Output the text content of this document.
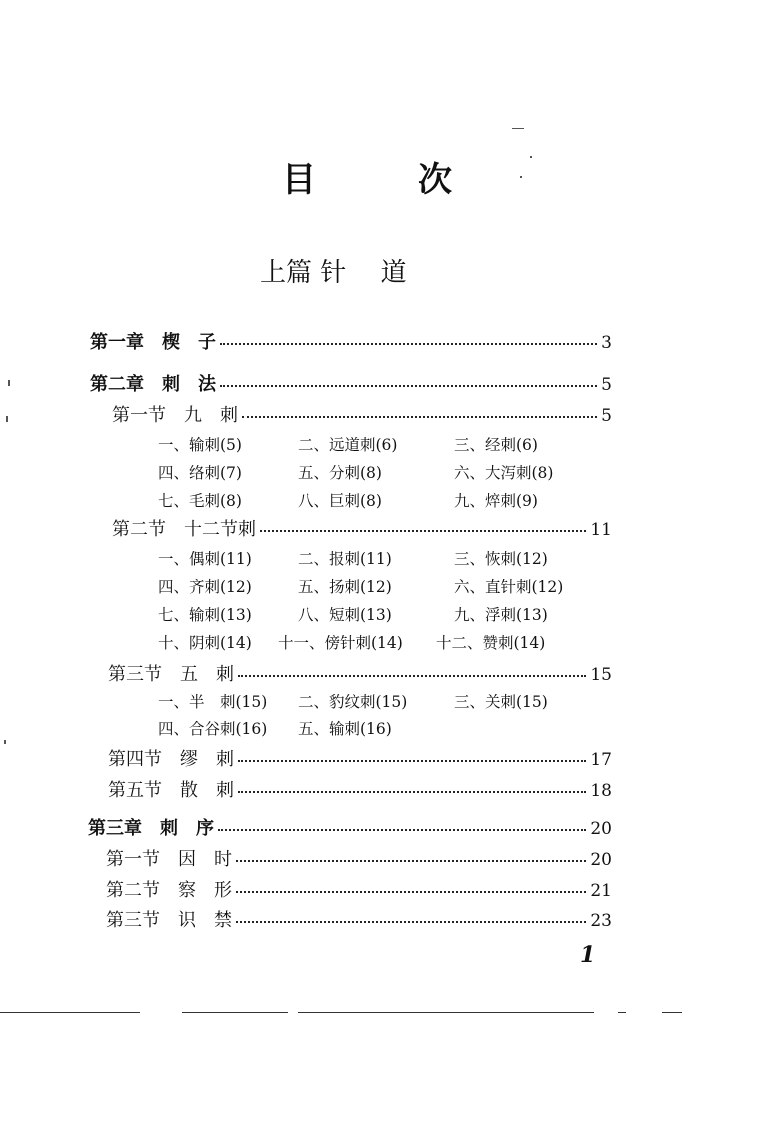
目　　　次
上篇 针　 道
第一章　楔　子	3
第二章　刺　法	5
第一节　九　刺	5
一、输刺(5)	二、远道刺(6)	三、经刺(6)
四、络刺(7)	五、分刺(8)	六、大泻刺(8)
七、毛刺(8)	八、巨刺(8)	九、焠刺(9)
第二节　十二节刺	11
一、偶刺(11)	二、报刺(11)	三、恢刺(12)
四、齐刺(12)	五、扬刺(12)	六、直针刺(12)
七、输刺(13)	八、短刺(13)	九、浮刺(13)
十、阴刺(14) 十一、傍针刺(14) 十二、赞刺(14)
第三节　五　刺	15
一、半　刺(15) 二、豹纹刺(15)	三、关刺(15)
四、合谷刺(16) 五、输刺(16)
第四节　缪　刺	17
第五节　散　刺	18
第三章　刺　序	20
第一节　因　时	20
第二节　察　形	21
第三节　识　禁	23
1
